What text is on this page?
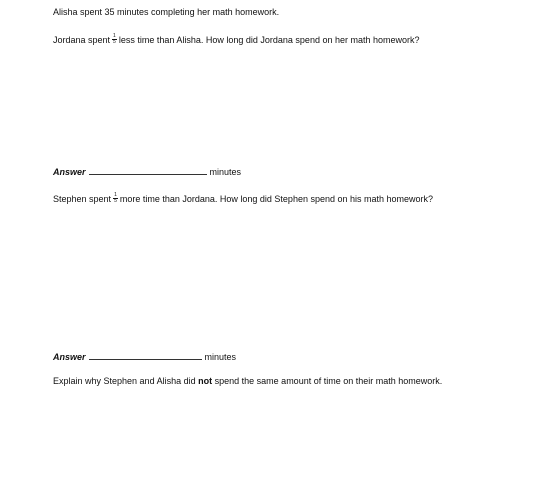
Alisha spent 35 minutes completing her math homework.
Jordana spent $\frac{1}{5}$ less time than Alisha. How long did Jordana spend on her math homework?
Answer	minutes
Stephen spent $\frac{1}{5}$ more time than Jordana. How long did Stephen spend on his math homework?
Answer	minutes
Explain why Stephen and Alisha did not spend the same amount of time on their math homework.
